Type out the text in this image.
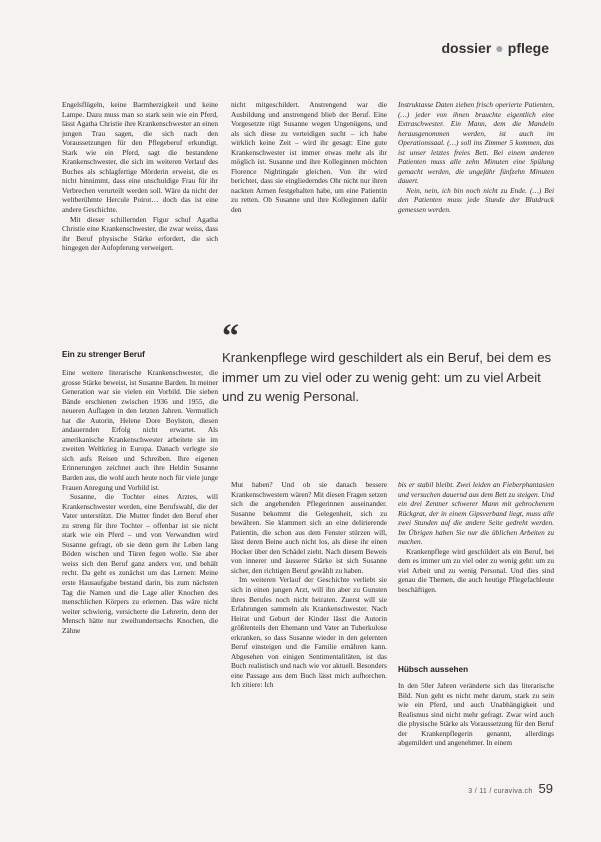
dossier ● pflege

Engelsflügeln, keine Barmherzigkeit und keine Lampe. Dazu muss man so stark sein wie ein Pferd, lässt Agatha Christie ihre Krankenschwester an einen jungen Trau sagen, die sich nach den Voraussetzungen für den Pflegeberuf erkundigt. Stark wie ein Pferd, sagt die bestandene Krankenschwester, die sich im weiteren Verlauf des Buches als schlagfertige Mörderin erweist, die es nicht hinnimmt, dass eine unschuldige Frau für ihr Verbrechen verurteilt werden soll. Wäre da nicht der weltberühmte Hercule Poirot… doch das ist eine andere Geschichte.

Mit dieser schillernden Figur schuf Agatha Christie eine Krankenschwester, die zwar weiss, dass ihr Beruf physische Stärke erfordert, die sich hingegen der Aufopferung verweigert.

nicht mitgeschildert. Anstrengend war die Ausbildung und anstrengend blieb der Beruf. Eine Vorgesetzte rügt Susanne wegen Ungenügens, und als sich diese zu verteidigen sucht – ich habe wirklich keine Zeit – wird ihr gesagt: Eine gute Krankenschwester ist immer etwas mehr als ihr möglich ist. Susanne und ihre Kolleginnen möchten Florence Nightingale gleichen. Von ihr wird berichtet, dass sie eingliederndes Ohr nicht nur ihren nackten Armen festgehalten habe, um eine Patientin zu retten. Ob Susanne und ihre Kolleginnen dafür den

Instruktasse Daten zieben frisch operierte Patienten, (…) jeder von ihnen brauchte eigentlich eine Extraschwester. Ein Mann, dem die Mandeln herausgenommen werden, ist auch im Operationssaal. (…) soll ins Zimmer 5 kommen, das ist unser letztes freies Bett. Bei einem anderen Patienten muss alle zehn Minuten eine Spülung gemacht werden, die ungefähr fünfzehn Minuten dauert.

Nein, nein, ich bin noch nicht zu Ende. (…) Bei den Patienten muss jede Stunde der Blutdruck gemessen werden.

Ein zu strenger Beruf

Eine weitere literarische Krankenschwester, die grosse Stärke beweist, ist Susanne Barden. In meiner Generation war sie vielen ein Vorbild. Die sieben Bände erschienen zwischen 1936 und 1955, die neueren Auflagen in den letzten Jahren. Vermutlich hat die Autorin, Helene Dore Boylston, diesen andauernden Erfolg nicht erwartet. Als amerikanische Krankenschwester arbeitete sie im zweiten Weltkrieg in Europa. Danach verlegte sie sich aufs Reisen und Schreiben. Ihre eigenen Erinnerungen zeichnet auch ihre Heldin Susanne Barden aus, die wohl auch heute noch für viele junge Frauen Anregung und Vorbild ist.

Susanne, die Tochter eines Arztes, will Krankenschwester werden, eine Berufswahl, die der Vater unterstützt. Die Mutter findet den Beruf eher zu streng für ihre Tochter – offenbar ist sie nicht stark wie ein Pferd – und von Verwandten wird Susanne gefragt, ob sie denn gern ihr Leben lang Böden wischen und Türen fegen wolle. Sie aber weiss sich den Beruf ganz anders vor, und behält recht. Da geht es zunächst um das Lernen: Meine erste Hausaufgabe bestand darin, bis zum nächsten Tag die Namen und die Lage aller Knochen des menschlichen Körpers zu erlernen. Das wäre nicht weiter schwierig, versicherte die Lehrerin, denn der Mensch hätte nur zweihundertsechs Knochen, die Zähne

“
Krankenpflege wird geschildert als ein Beruf, bei dem es immer um zu viel oder zu wenig geht: um zu viel Arbeit und zu wenig Personal.

Mut haben? Und ob sie danach bessere Krankenschwestern wären? Mit diesen Fragen setzen sich die angehenden Pflegerinnen auseinander. Susanne bekommt die Gelegenheit, sich zu bewähren. Sie klammert sich an eine delirierende Patientin, die schon aus dem Fenster stürzen will, lässt deren Beine auch nicht los, als diese ihr einen Hocker über den Schädel zieht. Nach diesem Beweis von innerer und äusserer Stärke ist sich Susanne sicher, den richtigen Beruf gewählt zu haben.

Im weiteren Verlauf der Geschichte verliebt sie sich in einen jungen Arzt, will ihn aber zu Gunsten ihres Berufes noch nicht heiraten. Zuerst will sie Erfahrungen sammeln als Krankenschwester. Nach Heirat und Geburt der Kinder lässt die Autorin größtenteils den Ehemann und Vater an Tuberkulose erkranken, so dass Susanne wieder in den gelernten Beruf einsteigen und die Familie ernähren kann. Abgesehen von einigen Sentimentalitäten, ist das Buch realistisch und nach wie vor aktuell. Besonders eine Passage aus dem Buch lässt mich aufhorchen. Ich zitiere: Ich

bis er stabil bleibt. Zwei leiden an Fieberphantasien und versuchen dauernd aus dem Bett zu steigen. Und ein drei Zentner schwerer Mann mit gebrochenem Rückgrat, der in einem Gipsverband liegt, muss alle zwei Stunden auf die andere Seite gedreht werden. Im Übrigen haben Sie nur die üblichen Arbeiten zu machen.

Krankenpflege wird geschildert als ein Beruf, bei dem es immer um zu viel oder zu wenig geht: um zu viel Arbeit und zu wenig Personal. Und dies sind genau die Themen, die auch heutige Pflegefachleute beschäftigen.

Hübsch aussehen

In den 50er Jahren veränderte sich das literarische Bild. Nun geht es nicht mehr darum, stark zu sein wie ein Pferd, und auch Unabhängigkeit und Realismus sind nicht mehr gefragt. Zwar wird auch die physische Stärke als Voraussetzung für den Beruf der Krankenpflegerin genannt, allerdings abgemildert und angenehmer. In einem

3 / 11 / curaviva.ch 59
